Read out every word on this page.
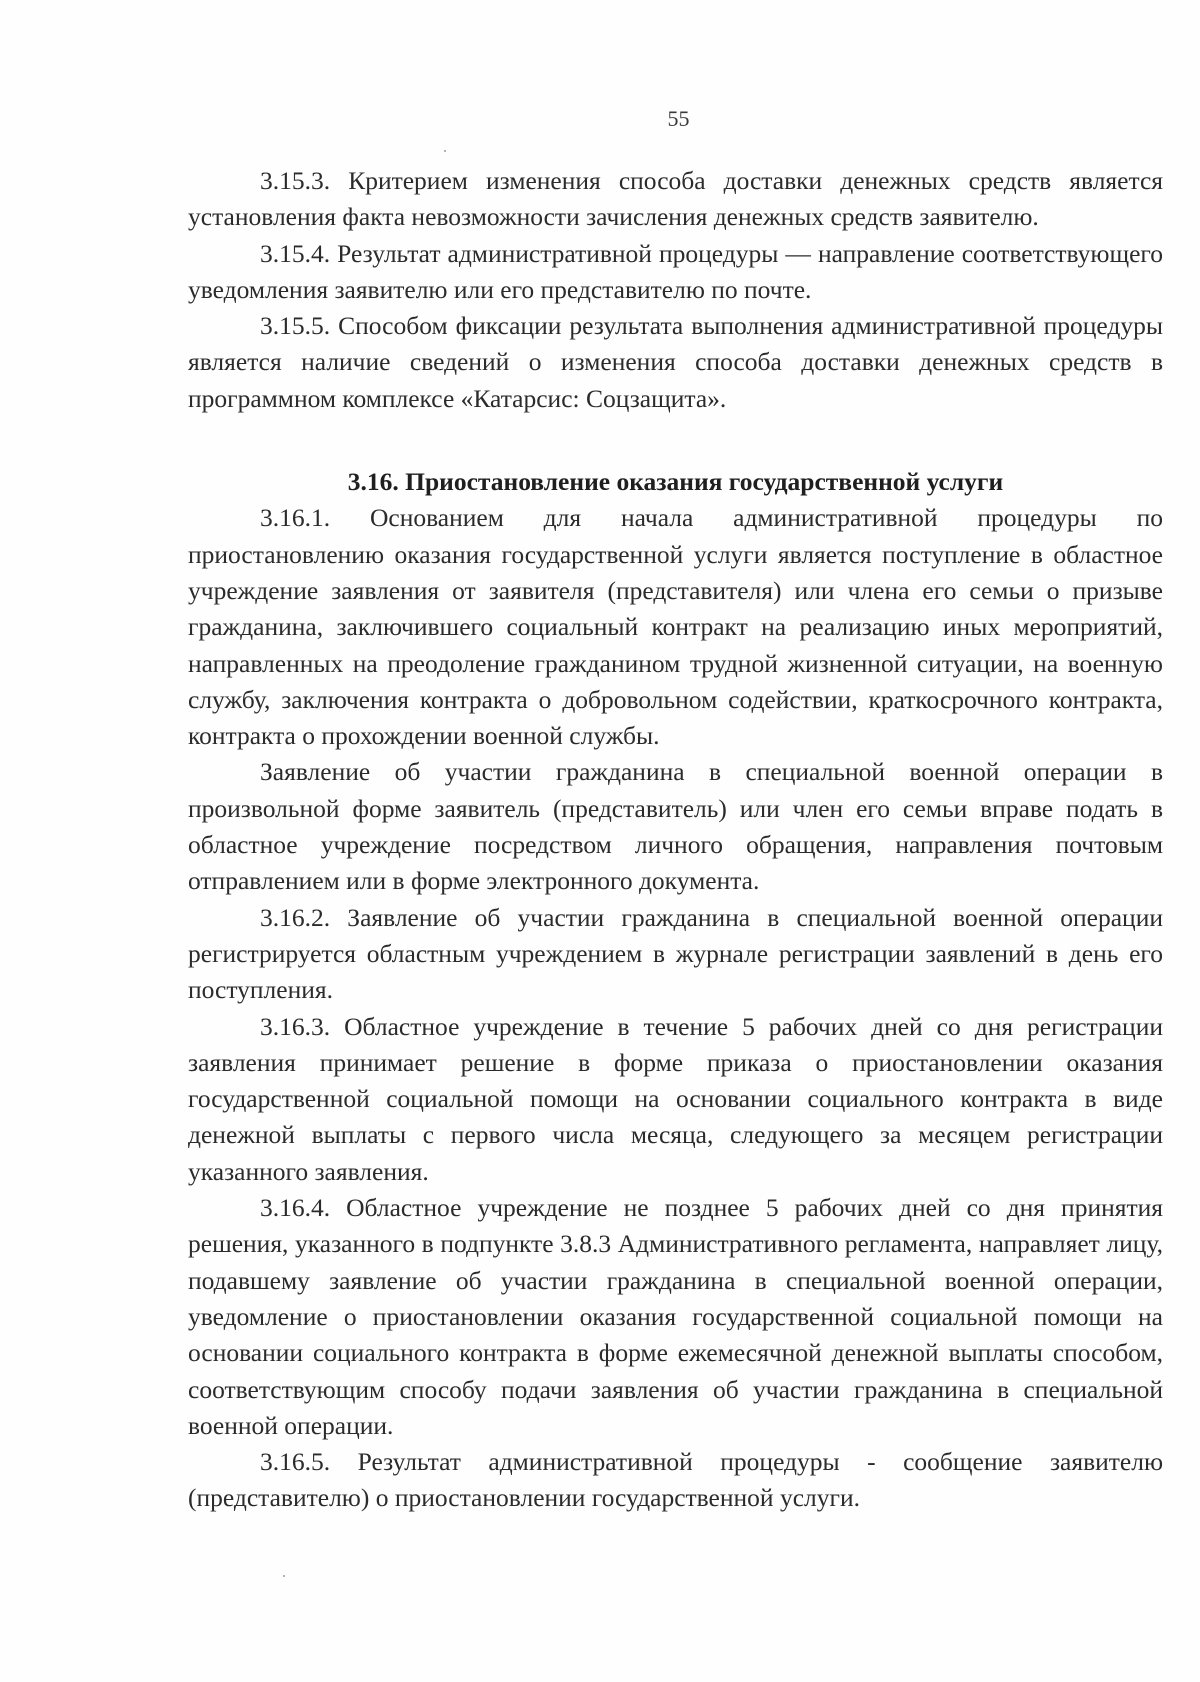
55

3.15.3. Критерием изменения способа доставки денежных средств является установления факта невозможности зачисления денежных средств заявителю.

3.15.4. Результат административной процедуры — направление соответствующего уведомления заявителю или его представителю по почте.

3.15.5. Способом фиксации результата выполнения административной процедуры является наличие сведений о изменения способа доставки денежных средств в программном комплексе «Катарсис: Соцзащита».

3.16. Приостановление оказания государственной услуги

3.16.1. Основанием для начала административной процедуры по приостановлению оказания государственной услуги является поступление в областное учреждение заявления от заявителя (представителя) или члена его семьи о призыве гражданина, заключившего социальный контракт на реализацию иных мероприятий, направленных на преодоление гражданином трудной жизненной ситуации, на военную службу, заключения контракта о добровольном содействии, краткосрочного контракта, контракта о прохождении военной службы.

Заявление об участии гражданина в специальной военной операции в произвольной форме заявитель (представитель) или член его семьи вправе подать в областное учреждение посредством личного обращения, направления почтовым отправлением или в форме электронного документа.

3.16.2. Заявление об участии гражданина в специальной военной операции регистрируется областным учреждением в журнале регистрации заявлений в день его поступления.

3.16.3. Областное учреждение в течение 5 рабочих дней со дня регистрации заявления принимает решение в форме приказа о приостановлении оказания государственной социальной помощи на основании социального контракта в виде денежной выплаты с первого числа месяца, следующего за месяцем регистрации указанного заявления.

3.16.4. Областное учреждение не позднее 5 рабочих дней со дня принятия решения, указанного в подпункте 3.8.3 Административного регламента, направляет лицу, подавшему заявление об участии гражданина в специальной военной операции, уведомление о приостановлении оказания государственной социальной помощи на основании социального контракта в форме ежемесячной денежной выплаты способом, соответствующим способу подачи заявления об участии гражданина в специальной военной операции.

3.16.5. Результат административной процедуры - сообщение заявителю (представителю) о приостановлении государственной услуги.
